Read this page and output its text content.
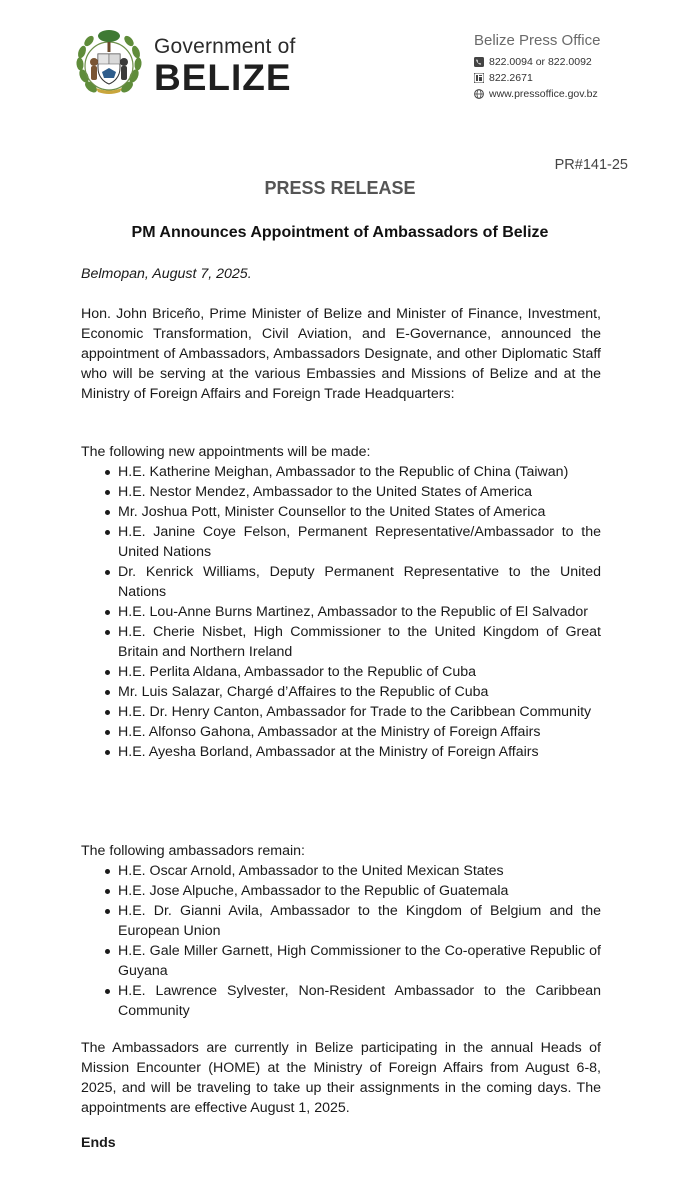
Government of
BELIZE
Belize Press Office
822.0094 or 822.0092
822.2671
www.pressoffice.gov.bz
PR#141-25
PRESS RELEASE
PM Announces Appointment of Ambassadors of Belize
Belmopan, August 7, 2025.
Hon. John Briceño, Prime Minister of Belize and Minister of Finance, Investment, Economic Transformation, Civil Aviation, and E-Governance, announced the appointment of Ambassadors, Ambassadors Designate, and other Diplomatic Staff who will be serving at the various Embassies and Missions of Belize and at the Ministry of Foreign Affairs and Foreign Trade Headquarters:
The following new appointments will be made:
H.E. Katherine Meighan, Ambassador to the Republic of China (Taiwan)
H.E. Nestor Mendez, Ambassador to the United States of America
Mr. Joshua Pott, Minister Counsellor to the United States of America
H.E. Janine Coye Felson, Permanent Representative/Ambassador to the United Nations
Dr. Kenrick Williams, Deputy Permanent Representative to the United Nations
H.E. Lou-Anne Burns Martinez, Ambassador to the Republic of El Salvador
H.E. Cherie Nisbet, High Commissioner to the United Kingdom of Great Britain and Northern Ireland
H.E. Perlita Aldana, Ambassador to the Republic of Cuba
Mr. Luis Salazar, Chargé d’Affaires to the Republic of Cuba
H.E. Dr. Henry Canton, Ambassador for Trade to the Caribbean Community
H.E. Alfonso Gahona, Ambassador at the Ministry of Foreign Affairs
H.E. Ayesha Borland, Ambassador at the Ministry of Foreign Affairs
The following ambassadors remain:
H.E. Oscar Arnold, Ambassador to the United Mexican States
H.E. Jose Alpuche, Ambassador to the Republic of Guatemala
H.E. Dr. Gianni Avila, Ambassador to the Kingdom of Belgium and the European Union
H.E. Gale Miller Garnett, High Commissioner to the Co-operative Republic of Guyana
H.E. Lawrence Sylvester, Non-Resident Ambassador to the Caribbean Community
The Ambassadors are currently in Belize participating in the annual Heads of Mission Encounter (HOME) at the Ministry of Foreign Affairs from August 6-8, 2025, and will be traveling to take up their assignments in the coming days. The appointments are effective August 1, 2025.
Ends
